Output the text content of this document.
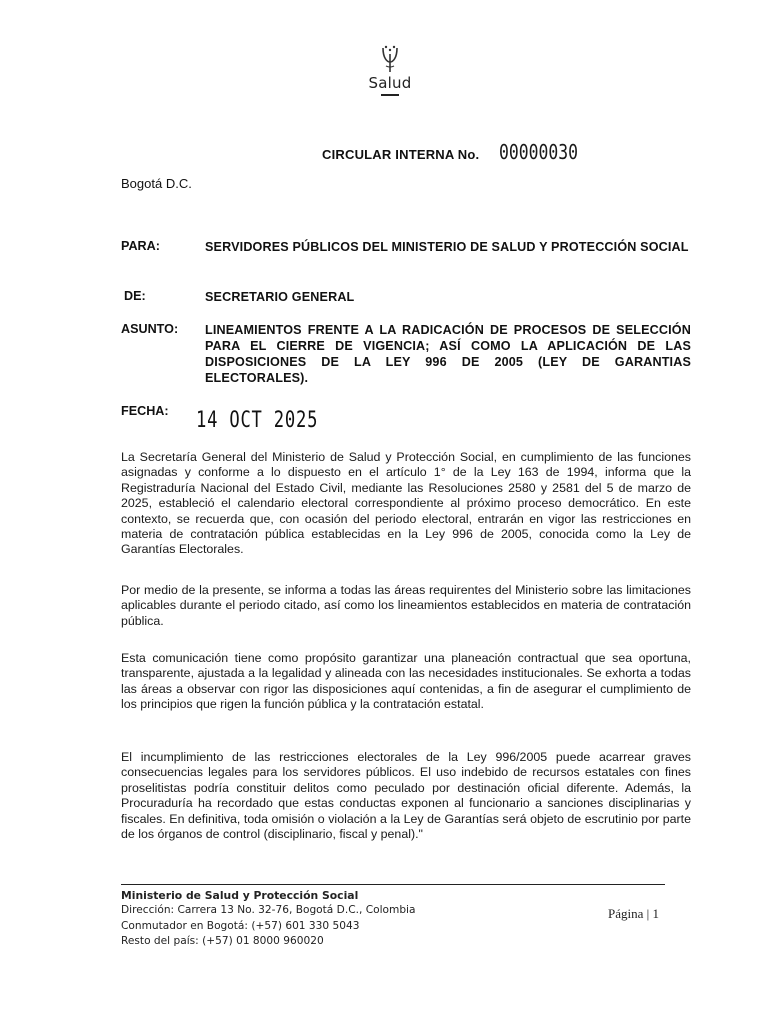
Salud
CIRCULAR INTERNA No. 00000030
Bogotá D.C.
PARA:	SERVIDORES PÚBLICOS DEL MINISTERIO DE SALUD Y PROTECCIÓN SOCIAL
DE:	SECRETARIO GENERAL
ASUNTO:	LINEAMIENTOS FRENTE A LA RADICACIÓN DE PROCESOS DE SELECCIÓN PARA EL CIERRE DE VIGENCIA; ASÍ COMO LA APLICACIÓN DE LAS DISPOSICIONES DE LA LEY 996 DE 2005 (LEY DE GARANTIAS ELECTORALES).
FECHA: 14 OCT 2025

La Secretaría General del Ministerio de Salud y Protección Social, en cumplimiento de las funciones asignadas y conforme a lo dispuesto en el artículo 1° de la Ley 163 de 1994, informa que la Registraduría Nacional del Estado Civil, mediante las Resoluciones 2580 y 2581 del 5 de marzo de 2025, estableció el calendario electoral correspondiente al próximo proceso democrático. En este contexto, se recuerda que, con ocasión del periodo electoral, entrarán en vigor las restricciones en materia de contratación pública establecidas en la Ley 996 de 2005, conocida como la Ley de Garantías Electorales.

Por medio de la presente, se informa a todas las áreas requirentes del Ministerio sobre las limitaciones aplicables durante el periodo citado, así como los lineamientos establecidos en materia de contratación pública.

Esta comunicación tiene como propósito garantizar una planeación contractual que sea oportuna, transparente, ajustada a la legalidad y alineada con las necesidades institucionales. Se exhorta a todas las áreas a observar con rigor las disposiciones aquí contenidas, a fin de asegurar el cumplimiento de los principios que rigen la función pública y la contratación estatal.

El incumplimiento de las restricciones electorales de la Ley 996/2005 puede acarrear graves consecuencias legales para los servidores públicos. El uso indebido de recursos estatales con fines proselitistas podría constituir delitos como peculado por destinación oficial diferente. Además, la Procuraduría ha recordado que estas conductas exponen al funcionario a sanciones disciplinarias y fiscales. En definitiva, toda omisión o violación a la Ley de Garantías será objeto de escrutinio por parte de los órganos de control (disciplinario, fiscal y penal)."

Ministerio de Salud y Protección Social
Dirección: Carrera 13 No. 32-76, Bogotá D.C., Colombia
Conmutador en Bogotá: (+57) 601 330 5043
Resto del país: (+57) 01 8000 960020
Página | 1
